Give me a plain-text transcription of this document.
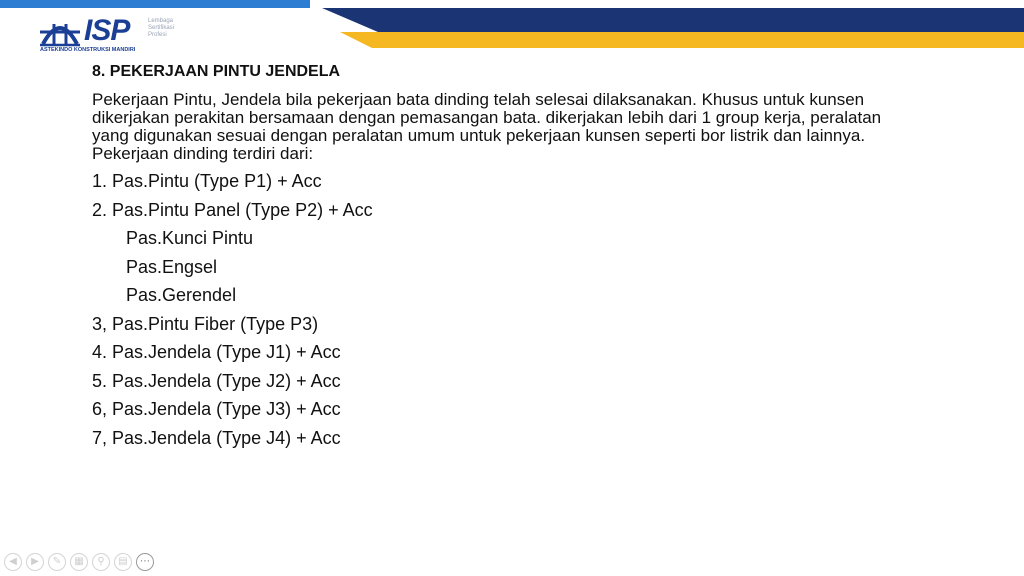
ISP	Lembaga
Sertifikasi
Profesi
ASTEKINDO KONSTRUKSI MANDIRI

8. PEKERJAAN PINTU JENDELA

Pekerjaan Pintu, Jendela bila pekerjaan bata dinding telah selesai dilaksanakan. Khusus untuk kunsen dikerjakan perakitan bersamaan dengan pemasangan bata. dikerjakan lebih dari 1 group kerja, peralatan yang digunakan sesuai dengan peralatan umum untuk pekerjaan kunsen seperti bor listrik dan lainnya. Pekerjaan dinding terdiri dari:

1. Pas.Pintu (Type P1) + Acc
2. Pas.Pintu Panel (Type P2) + Acc
Pas.Kunci Pintu
Pas.Engsel
Pas.Gerendel
3, Pas.Pintu Fiber (Type P3)
4. Pas.Jendela (Type J1) + Acc
5. Pas.Jendela (Type J2) + Acc
6, Pas.Jendela (Type J3) + Acc
7, Pas.Jendela (Type J4) + Acc
◀	▶	✎	▦	⚲	▤	⋯
